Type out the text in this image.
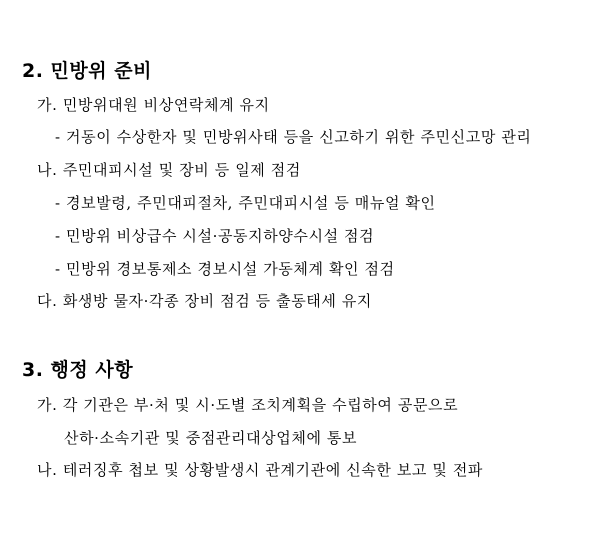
2. 민방위 준비
가. 민방위대원 비상연락체계 유지
- 거동이 수상한자 및 민방위사태 등을 신고하기 위한 주민신고망 관리
나. 주민대피시설 및 장비 등 일제 점검
- 경보발령, 주민대피절차, 주민대피시설 등 매뉴얼 확인
- 민방위 비상급수 시설·공동지하양수시설 점검
- 민방위 경보통제소 경보시설 가동체계 확인 점검
다. 화생방 물자·각종 장비 점검 등 출동태세 유지
3. 행정 사항
가. 각 기관은 부·처 및 시·도별 조치계획을 수립하여 공문으로
산하·소속기관 및 중점관리대상업체에 통보
나. 테러징후 첩보 및 상황발생시 관계기관에 신속한 보고 및 전파
